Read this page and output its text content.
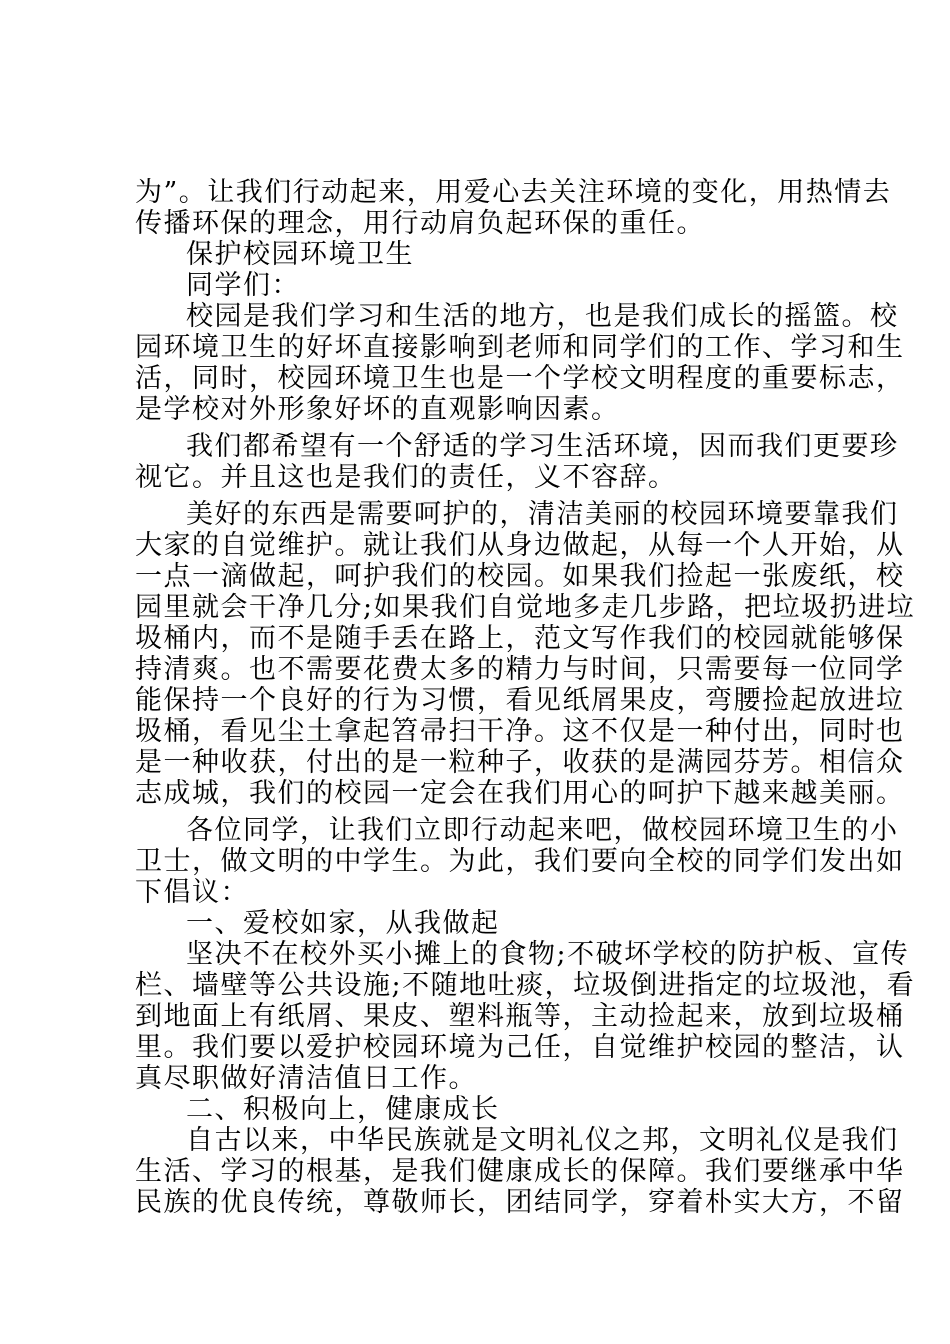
为”。让我们行动起来，用爱心去关注环境的变化，用热情去
传播环保的理念，用行动肩负起环保的重任。
保护校园环境卫生
同学们：
校园是我们学习和生活的地方，也是我们成长的摇篮。校
园环境卫生的好坏直接影响到老师和同学们的工作、学习和生
活，同时，校园环境卫生也是一个学校文明程度的重要标志，
是学校对外形象好坏的直观影响因素。
我们都希望有一个舒适的学习生活环境，因而我们更要珍
视它。并且这也是我们的责任，义不容辞。
美好的东西是需要呵护的，清洁美丽的校园环境要靠我们
大家的自觉维护。就让我们从身边做起，从每一个人开始，从
一点一滴做起，呵护我们的校园。如果我们捡起一张废纸，校
园里就会干净几分;如果我们自觉地多走几步路，把垃圾扔进垃
圾桶内，而不是随手丢在路上，范文写作我们的校园就能够保
持清爽。也不需要花费太多的精力与时间，只需要每一位同学
能保持一个良好的行为习惯，看见纸屑果皮，弯腰捡起放进垃
圾桶，看见尘土拿起笤帚扫干净。这不仅是一种付出，同时也
是一种收获，付出的是一粒种子，收获的是满园芬芳。相信众
志成城，我们的校园一定会在我们用心的呵护下越来越美丽。
各位同学，让我们立即行动起来吧，做校园环境卫生的小
卫士，做文明的中学生。为此，我们要向全校的同学们发出如
下倡议：
一、爱校如家，从我做起
坚决不在校外买小摊上的食物;不破坏学校的防护板、宣传
栏、墙壁等公共设施;不随地吐痰，垃圾倒进指定的垃圾池，看
到地面上有纸屑、果皮、塑料瓶等，主动捡起来，放到垃圾桶
里。我们要以爱护校园环境为己任，自觉维护校园的整洁，认
真尽职做好清洁值日工作。
二、积极向上，健康成长
自古以来，中华民族就是文明礼仪之邦，文明礼仪是我们
生活、学习的根基，是我们健康成长的保障。我们要继承中华
民族的优良传统，尊敬师长，团结同学，穿着朴实大方，不留
